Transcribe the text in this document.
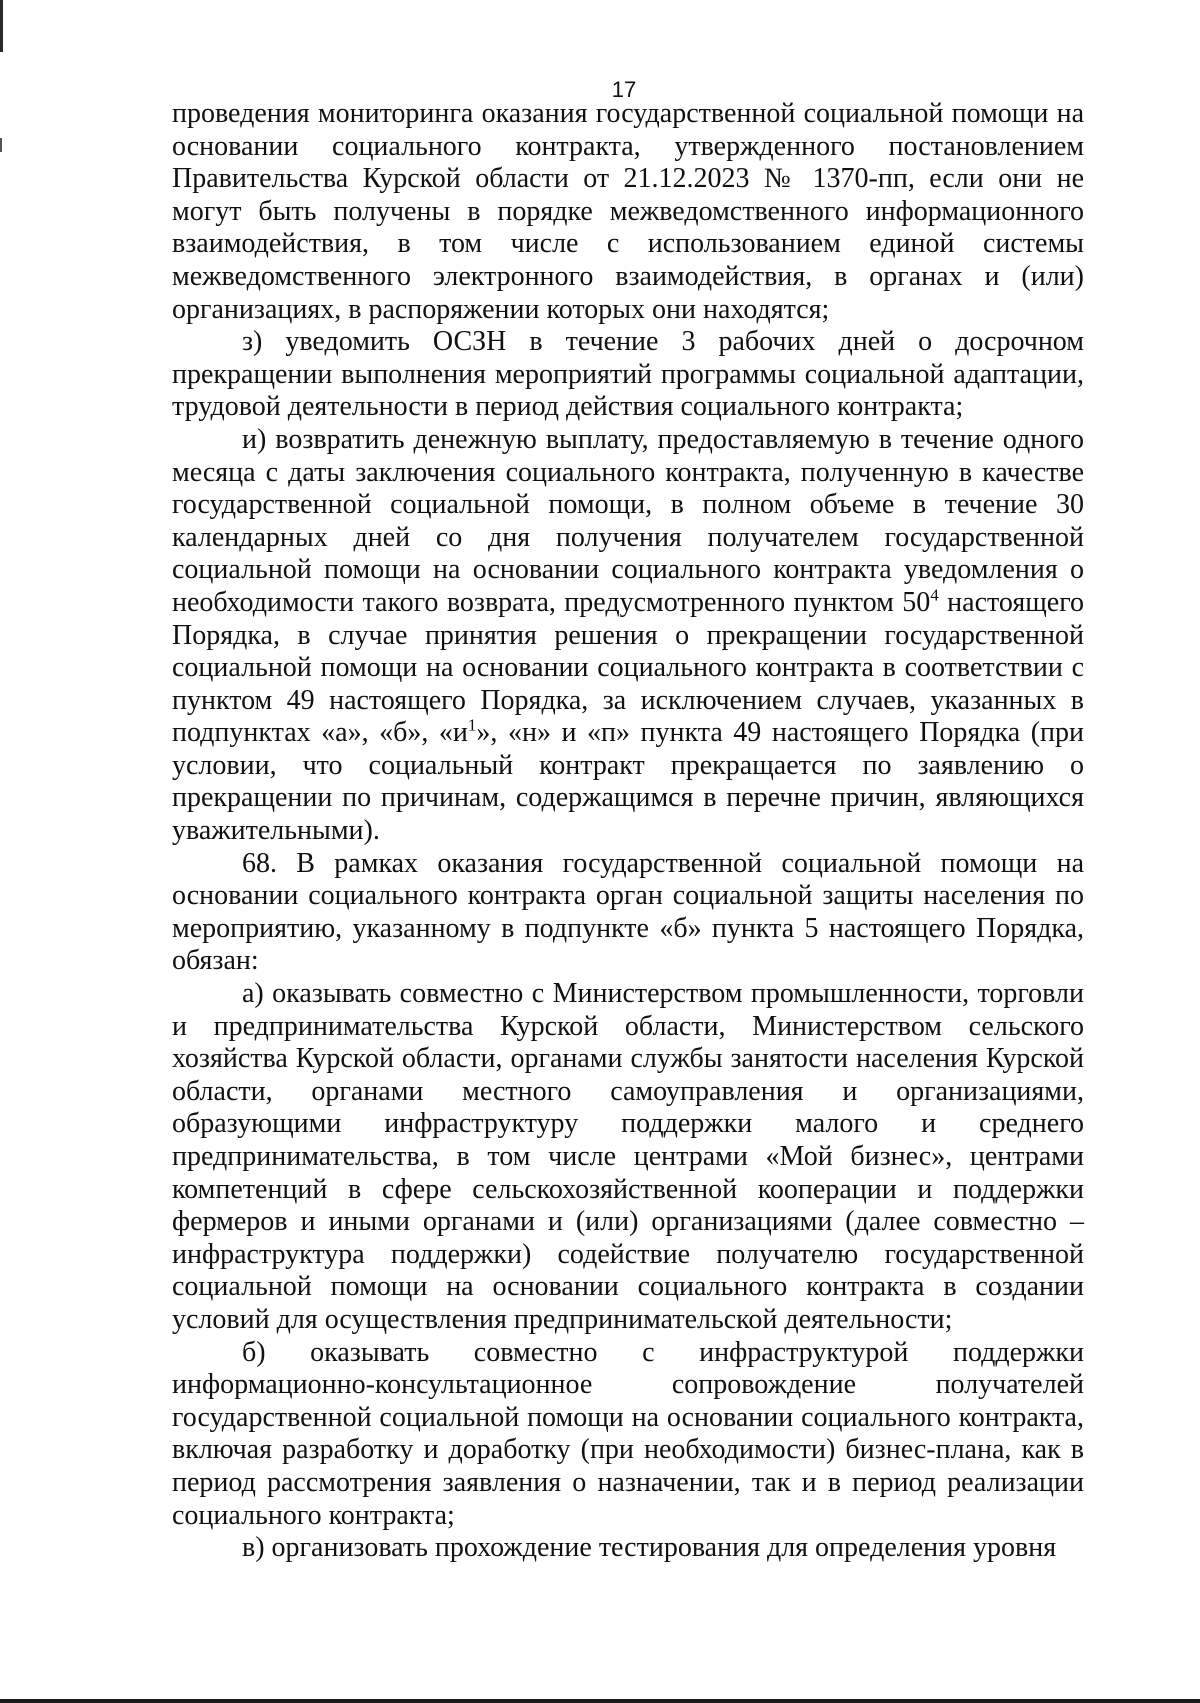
17

проведения мониторинга оказания государственной социальной помощи на основании социального контракта, утвержденного постановлением Правительства Курской области от 21.12.2023 № 1370-пп, если они не могут быть получены в порядке межведомственного информационного взаимодействия, в том числе с использованием единой системы межведомственного электронного взаимодействия, в органах и (или) организациях, в распоряжении которых они находятся;

з) уведомить ОСЗН в течение 3 рабочих дней о досрочном прекращении выполнения мероприятий программы социальной адаптации, трудовой деятельности в период действия социального контракта;

и) возвратить денежную выплату, предоставляемую в течение одного месяца с даты заключения социального контракта, полученную в качестве государственной социальной помощи, в полном объеме в течение 30 календарных дней со дня получения получателем государственной социальной помощи на основании социального контракта уведомления о необходимости такого возврата, предусмотренного пунктом $50^4$ настоящего Порядка, в случае принятия решения о прекращении государственной социальной помощи на основании социального контракта в соответствии с пунктом 49 настоящего Порядка, за исключением случаев, указанных в подпунктах «а», «б», «$и^1$», «н» и «п» пункта 49 настоящего Порядка (при условии, что социальный контракт прекращается по заявлению о прекращении по причинам, содержащимся в перечне причин, являющихся уважительными).

68. В рамках оказания государственной социальной помощи на основании социального контракта орган социальной защиты населения по мероприятию, указанному в подпункте «б» пункта 5 настоящего Порядка, обязан:

а) оказывать совместно с Министерством промышленности, торговли и предпринимательства Курской области, Министерством сельского хозяйства Курской области, органами службы занятости населения Курской области, органами местного самоуправления и организациями, образующими инфраструктуру поддержки малого и среднего предпринимательства, в том числе центрами «Мой бизнес», центрами компетенций в сфере сельскохозяйственной кооперации и поддержки фермеров и иными органами и (или) организациями (далее совместно – инфраструктура поддержки) содействие получателю государственной социальной помощи на основании социального контракта в создании условий для осуществления предпринимательской деятельности;

б) оказывать совместно с инфраструктурой поддержки информационно-консультационное сопровождение получателей государственной социальной помощи на основании социального контракта, включая разработку и доработку (при необходимости) бизнес-плана, как в период рассмотрения заявления о назначении, так и в период реализации социального контракта;

в) организовать прохождение тестирования для определения уровня
